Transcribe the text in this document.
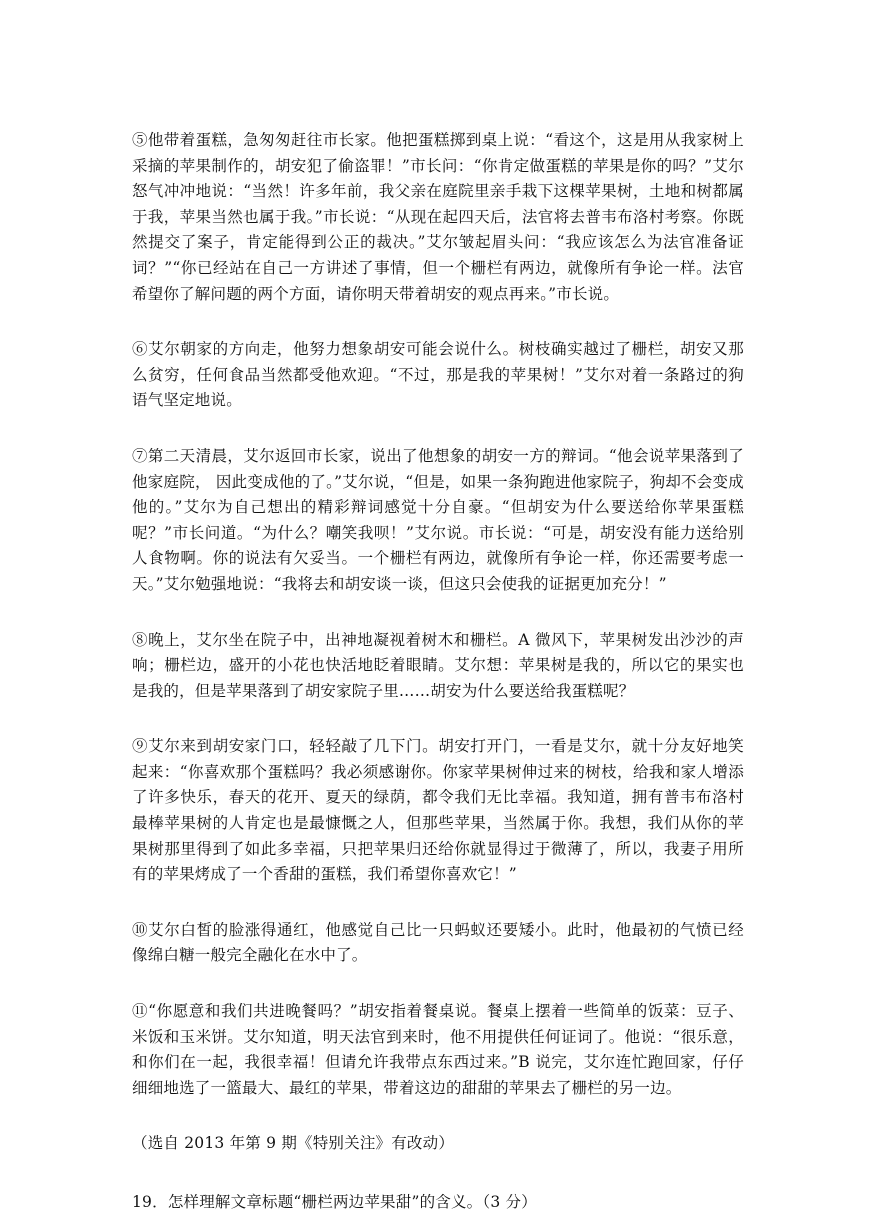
⑤他带着蛋糕，急匆匆赶往市长家。他把蛋糕掷到桌上说：“看这个，这是用从我家树上采摘的苹果制作的，胡安犯了偷盗罪！”市长问：“你肯定做蛋糕的苹果是你的吗？”艾尔怒气冲冲地说：“当然！许多年前，我父亲在庭院里亲手栽下这棵苹果树，土地和树都属于我，苹果当然也属于我。”市长说：“从现在起四天后，法官将去普韦布洛村考察。你既然提交了案子，肯定能得到公正的裁决。”艾尔皱起眉头问：“我应该怎么为法官准备证词？”“你已经站在自己一方讲述了事情，但一个栅栏有两边，就像所有争论一样。法官希望你了解问题的两个方面，请你明天带着胡安的观点再来。”市长说。

⑥艾尔朝家的方向走，他努力想象胡安可能会说什么。树枝确实越过了栅栏，胡安又那么贫穷，任何食品当然都受他欢迎。“不过，那是我的苹果树！”艾尔对着一条路过的狗语气坚定地说。

⑦第二天清晨，艾尔返回市长家，说出了他想象的胡安一方的辩词。“他会说苹果落到了他家庭院， 因此变成他的了。”艾尔说，“但是，如果一条狗跑进他家院子，狗却不会变成他的。”艾尔为自己想出的精彩辩词感觉十分自豪。“但胡安为什么要送给你苹果蛋糕呢？”市长问道。“为什么？嘲笑我呗！”艾尔说。市长说：“可是，胡安没有能力送给别人食物啊。你的说法有欠妥当。一个栅栏有两边，就像所有争论一样，你还需要考虑一天。”艾尔勉强地说：“我将去和胡安谈一谈，但这只会使我的证据更加充分！”

⑧晚上，艾尔坐在院子中，出神地凝视着树木和栅栏。A 微风下，苹果树发出沙沙的声响；栅栏边，盛开的小花也快活地眨着眼睛。艾尔想：苹果树是我的，所以它的果实也是我的，但是苹果落到了胡安家院子里……胡安为什么要送给我蛋糕呢？

⑨艾尔来到胡安家门口，轻轻敲了几下门。胡安打开门，一看是艾尔，就十分友好地笑起来：“你喜欢那个蛋糕吗？我必须感谢你。你家苹果树伸过来的树枝，给我和家人增添了许多快乐，春天的花开、夏天的绿荫，都令我们无比幸福。我知道，拥有普韦布洛村最棒苹果树的人肯定也是最慷慨之人，但那些苹果，当然属于你。我想，我们从你的苹果树那里得到了如此多幸福，只把苹果归还给你就显得过于微薄了，所以，我妻子用所有的苹果烤成了一个香甜的蛋糕，我们希望你喜欢它！”

⑩艾尔白皙的脸涨得通红，他感觉自己比一只蚂蚁还要矮小。此时，他最初的气愤已经像绵白糖一般完全融化在水中了。

⑪“你愿意和我们共进晚餐吗？”胡安指着餐桌说。餐桌上摆着一些简单的饭菜：豆子、米饭和玉米饼。艾尔知道，明天法官到来时，他不用提供任何证词了。他说：“很乐意，和你们在一起，我很幸福！但请允许我带点东西过来。”B 说完，艾尔连忙跑回家，仔仔细细地选了一篮最大、最红的苹果，带着这边的甜甜的苹果去了栅栏的另一边。

（选自 2013 年第 9 期《特别关注》有改动）

19．怎样理解文章标题“栅栏两边苹果甜”的含义。（3 分）
